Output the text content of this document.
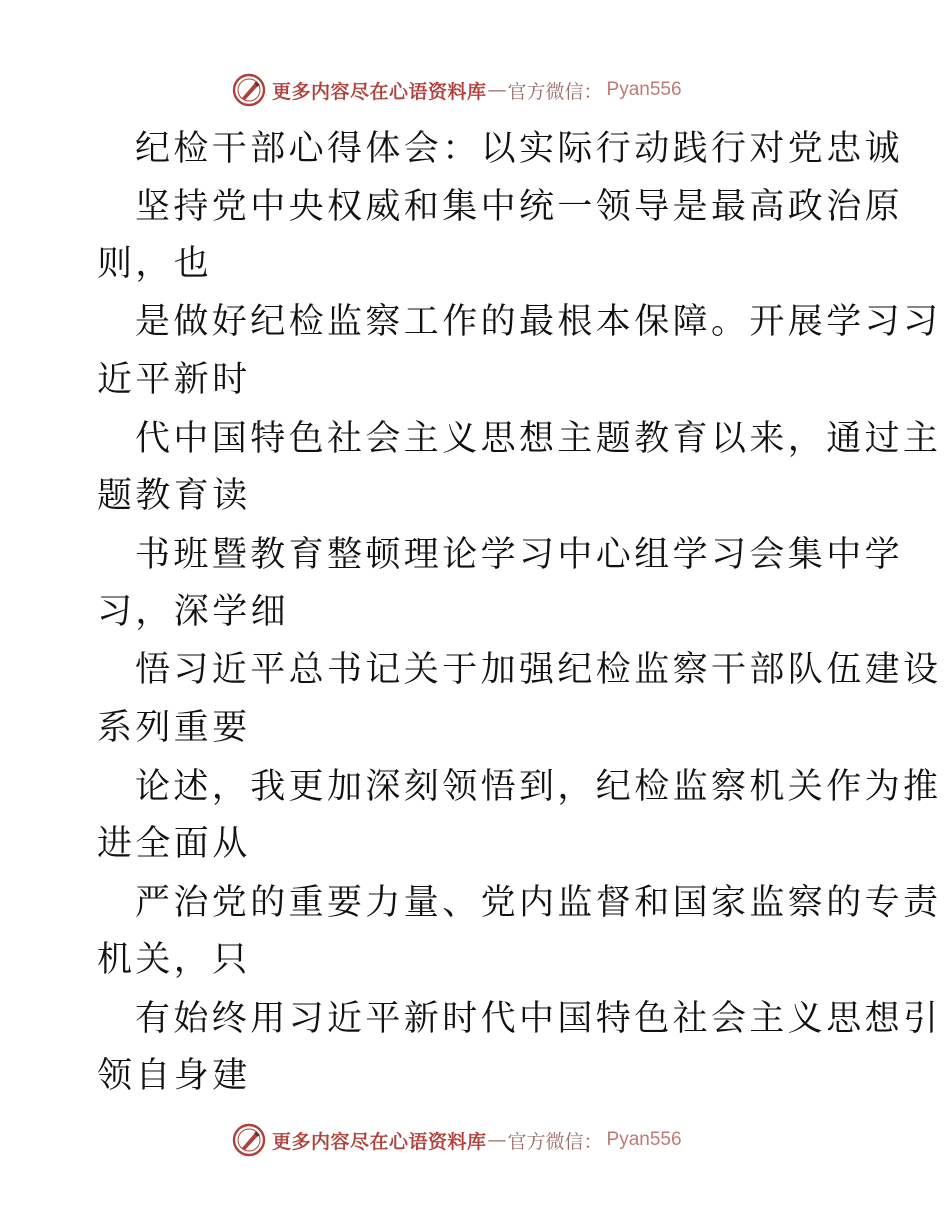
更多内容尽在心语资料库 — 官方微信 ： Pyan556

纪检干部心得体会：以实际行动践行对党忠诚

坚持党中央权威和集中统一领导是最高政治原

则，也

是做好纪检监察工作的最根本保障。开展学习习

近平新时

代中国特色社会主义思想主题教育以来，通过主

题教育读

书班暨教育整顿理论学习中心组学习会集中学

习，深学细

悟习近平总书记关于加强纪检监察干部队伍建设

系列重要

论述，我更加深刻领悟到，纪检监察机关作为推

进全面从

严治党的重要力量、党内监督和国家监察的专责

机关，只

有始终用习近平新时代中国特色社会主义思想引

领自身建

更多内容尽在心语资料库 — 官方微信 ： Pyan556
